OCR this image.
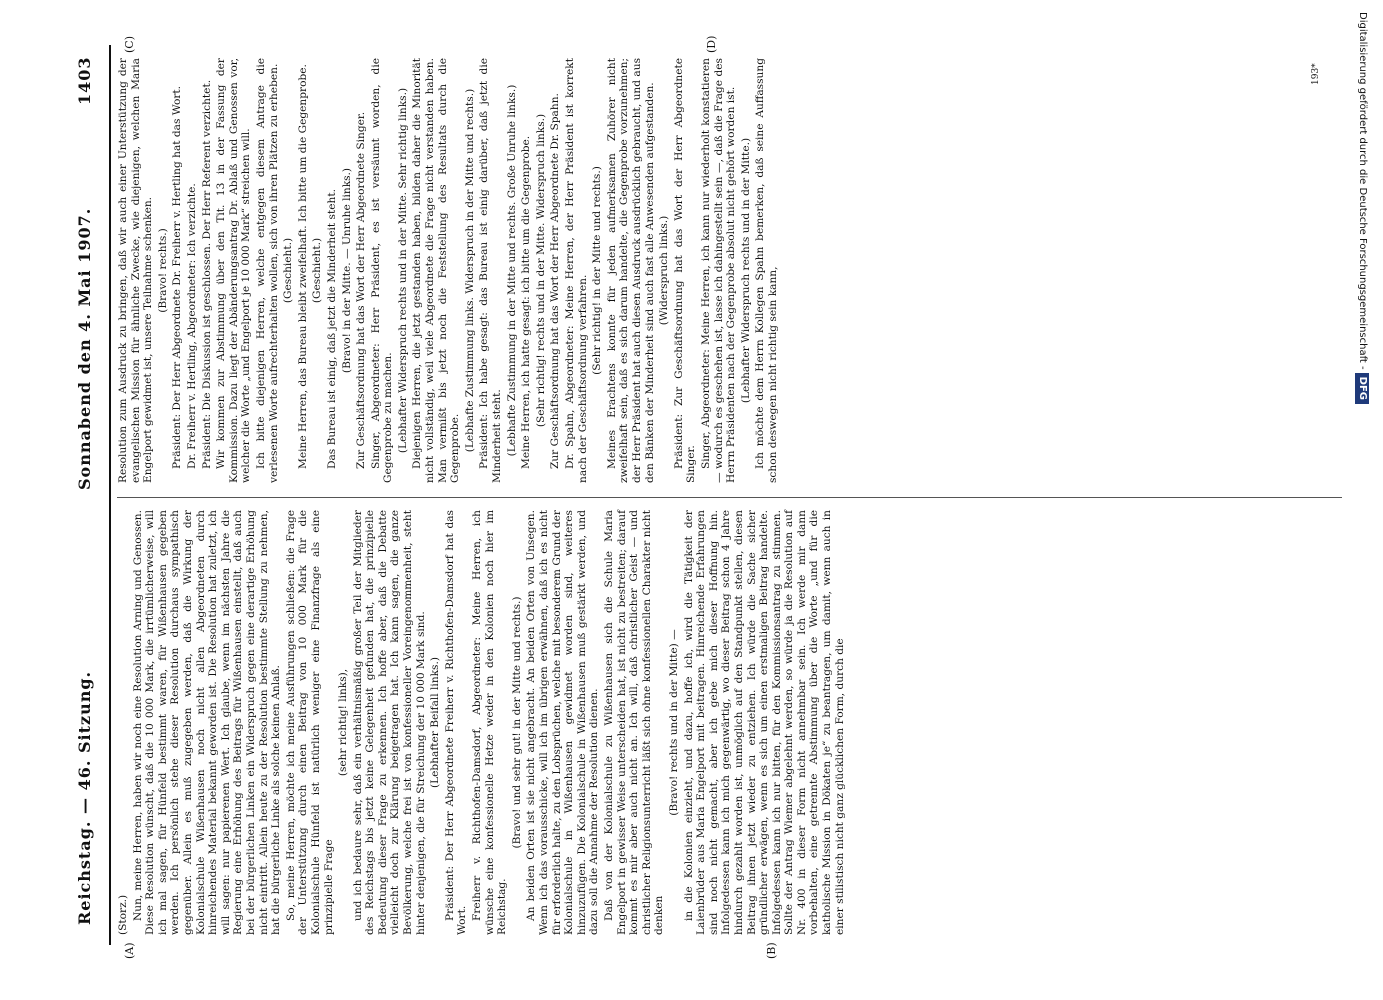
Reichstag. — 46. Sitzung.
Sonnabend den 4. Mai 1907.
1403

(Storz.) Nun, meine Herren, haben wir noch eine Resolution Arning und Genossen. Diese Resolution wünscht, daß die 10 000 Mark, die irrtümlicherweise, will ich mal sagen, für Hünfeld bestimmt waren, für Wißenhausen gegeben werden. Ich persönlich stehe dieser Resolution durchaus sympathisch gegenüber. Allein es muß zugegeben werden, daß die Wirkung der Kolonialschule Wißenhausen noch nicht allen Abgeordneten durch hinreichendes Material bekannt geworden ist. Die Resolution hat zuletzt, ich will sagen: nur papierenen Wert. Ich glaube, wenn im nächsten Jahre die Regierung eine Erhöhung des Beitrags für Wißenhausen einstellt, daß auch bei der bürgerlichen Linken ein Widerspruch gegen eine derartige Erhöhung nicht eintritt. Allein heute zu der Resolution bestimmte Stellung zu nehmen, hat die bürgerliche Linke als solche keinen Anlaß. So, meine Herren, möchte ich meine Ausführungen schließen: die Frage der Unterstützung durch einen Beitrag von 10 000 Mark für die Kolonialschule Hünfeld ist natürlich weniger eine Finanzfrage als eine prinzipielle Frage

(sehr richtig! links), und ich bedaure sehr, daß ein verhältnismäßig großer Teil der Mitglieder des Reichstags bis jetzt keine Gelegenheit gefunden hat, die prinzipielle Bedeutung dieser Frage zu erkennen. Ich hoffe aber, daß die Debatte vielleicht doch zur Klärung beigetragen hat. Ich kann sagen, die ganze Bevölkerung, welche frei ist von konfessioneller Voreingenommenheit, steht hinter denjenigen, die für Streichung der 10 000 Mark sind. (Lebhafter Beifall links.) Präsident: Der Herr Abgeordnete Freiherr v. Richthofen-Damsdorf hat das Wort. Freiherr v. Richthofen-Damsdorf, Abgeordneter: Meine Herren, ich wünsche eine konfessionelle Hetze weder in den Kolonien noch hier im Reichstag.

(Bravo! und sehr gut! in der Mitte und rechts.) An beiden Orten ist sie nicht angebracht. An beiden Orten von Unsegen. Wenn ich das vorausschicke, will ich im übrigen erwähnen, daß ich es nicht für erforderlich halte, zu den Lobsprüchen, welche mit besonderem Grund der Kolonialschule in Wißenhausen gewidmet worden sind, weiteres hinzuzufügen. Die Kolonialschule in Wißenhausen muß gestärkt werden, und dazu soll die Annahme der Resolution dienen. Daß von der Kolonialschule zu Wißenhausen sich die Schule Maria Engelport in gewisser Weise unterscheiden hat, ist nicht zu bestreiten; darauf kommt es mir aber auch nicht an. Ich will, daß christlicher Geist — und christlicher Religionsunterricht läßt sich ohne konfessionellen Charakter nicht denken

(Bravo! rechts und in der Mitte) — in die Kolonien einzieht, und dazu, hoffe ich, wird die Tätigkeit der Laienbrüder aus Maria Engelport mit beitragen. Hinreichende Erfahrungen sind noch nicht gemacht, aber ich gebe mich dieser Hoffnung hin. Infolgedessen kann ich mich gegenwärtig, wo dieser Beitrag schon 4 Jahre hindurch gezahlt worden ist, unmöglich auf den Standpunkt stellen, diesen Beitrag ihnen jetzt wieder zu entziehen. Ich würde die Sache sicher gründlicher erwägen, wenn es sich um einen erstmaligen Beitrag handelte. Infolgedessen kann ich nur bitten, für den Kommissionsantrag zu stimmen. Sollte der Antrag Wiemer abgelehnt werden, so würde ja die Resolution auf Nr. 400 in dieser Form nicht annehmbar sein. Ich werde mir dann vorbehalten, eine getrennte Abstimmung über die Worte „und für die katholische Mission in Dökaten je“ zu beantragen, um damit, wenn auch in einer stilistisch nicht ganz glücklichen Form, durch die

Resolution zum Ausdruck zu bringen, daß wir auch einer Unterstützung der evangelischen Mission für ähnliche Zwecke, wie diejenigen, welchen Maria Engelport gewidmet ist, unsere Teilnahme schenken. (Bravo! rechts.) Präsident: Der Herr Abgeordnete Dr. Freiherr v. Hertling hat das Wort. Dr. Freiherr v. Hertling, Abgeordneter: Ich verzichte. Präsident: Die Diskussion ist geschlossen. Der Herr Referent verzichtet. Wir kommen zur Abstimmung über den Tit. 13 in der Fassung der Kommission. Dazu liegt der Abänderungsantrag Dr. Ablaß und Genossen vor, welcher die Worte „und Engelport je 10 000 Mark“ streichen will. Ich bitte diejenigen Herren, welche entgegen diesem Antrage die verlesenen Worte aufrechterhalten wollen, sich von ihren Plätzen zu erheben. (Geschieht.) Meine Herren, das Bureau bleibt zweifelhaft. Ich bitte um die Gegenprobe. (Geschieht.) Das Bureau ist einig, daß jetzt die Minderheit steht. (Bravo! in der Mitte. — Unruhe links.) Zur Geschäftsordnung hat das Wort der Herr Abgeordnete Singer. Singer, Abgeordneter: Herr Präsident, es ist versäumt worden, die Gegenprobe zu machen. (Lebhafter Widerspruch rechts und in der Mitte. Sehr richtig links.) Diejenigen Herren, die jetzt gestanden haben, bilden daher die Minorität nicht vollständig, weil viele Abgeordnete die Frage nicht verstanden haben. Man vermißt bis jetzt noch die Feststellung des Resultats durch die Gegenprobe. (Lebhafte Zustimmung links. Widerspruch in der Mitte und rechts.) Präsident: Ich habe gesagt: das Bureau ist einig darüber, daß jetzt die Minderheit steht. (Lebhafte Zustimmung in der Mitte und rechts. Große Unruhe links.) Meine Herren, ich hatte gesagt: ich bitte um die Gegenprobe. (Sehr richtig! rechts und in der Mitte. Widerspruch links.) Zur Geschäftsordnung hat das Wort der Herr Abgeordnete Dr. Spahn. Dr. Spahn, Abgeordneter: Meine Herren, der Herr Präsident ist korrekt nach der Geschäftsordnung verfahren.

(Sehr richtig! in der Mitte und rechts.) Meines Erachtens konnte für jeden aufmerksamen Zuhörer nicht zweifelhaft sein, daß es sich darum handelte, die Gegenprobe vorzunehmen; der Herr Präsident hat auch diesen Ausdruck ausdrücklich gebraucht, und aus den Bänken der Minderheit sind auch fast alle Anwesenden aufgestanden. (Widerspruch links.) Präsident: Zur Geschäftsordnung hat das Wort der Herr Abgeordnete Singer. Singer, Abgeordneter: Meine Herren, ich kann nur wiederholt konstatieren — wodurch es geschehen ist, lasse ich dahingestellt sein —, daß die Frage des Herrn Präsidenten nach der Gegenprobe absolut nicht gehört worden ist. (Lebhafter Widerspruch rechts und in der Mitte.) Ich möchte dem Herrn Kollegen Spahn bemerken, daß seine Auffassung schon deswegen nicht richtig sein kann,

(A)	(B)
(C)	(D)
193*	Digitalisierung gefördert durch die Deutsche Forschungsgemeinschaft -
DFG
